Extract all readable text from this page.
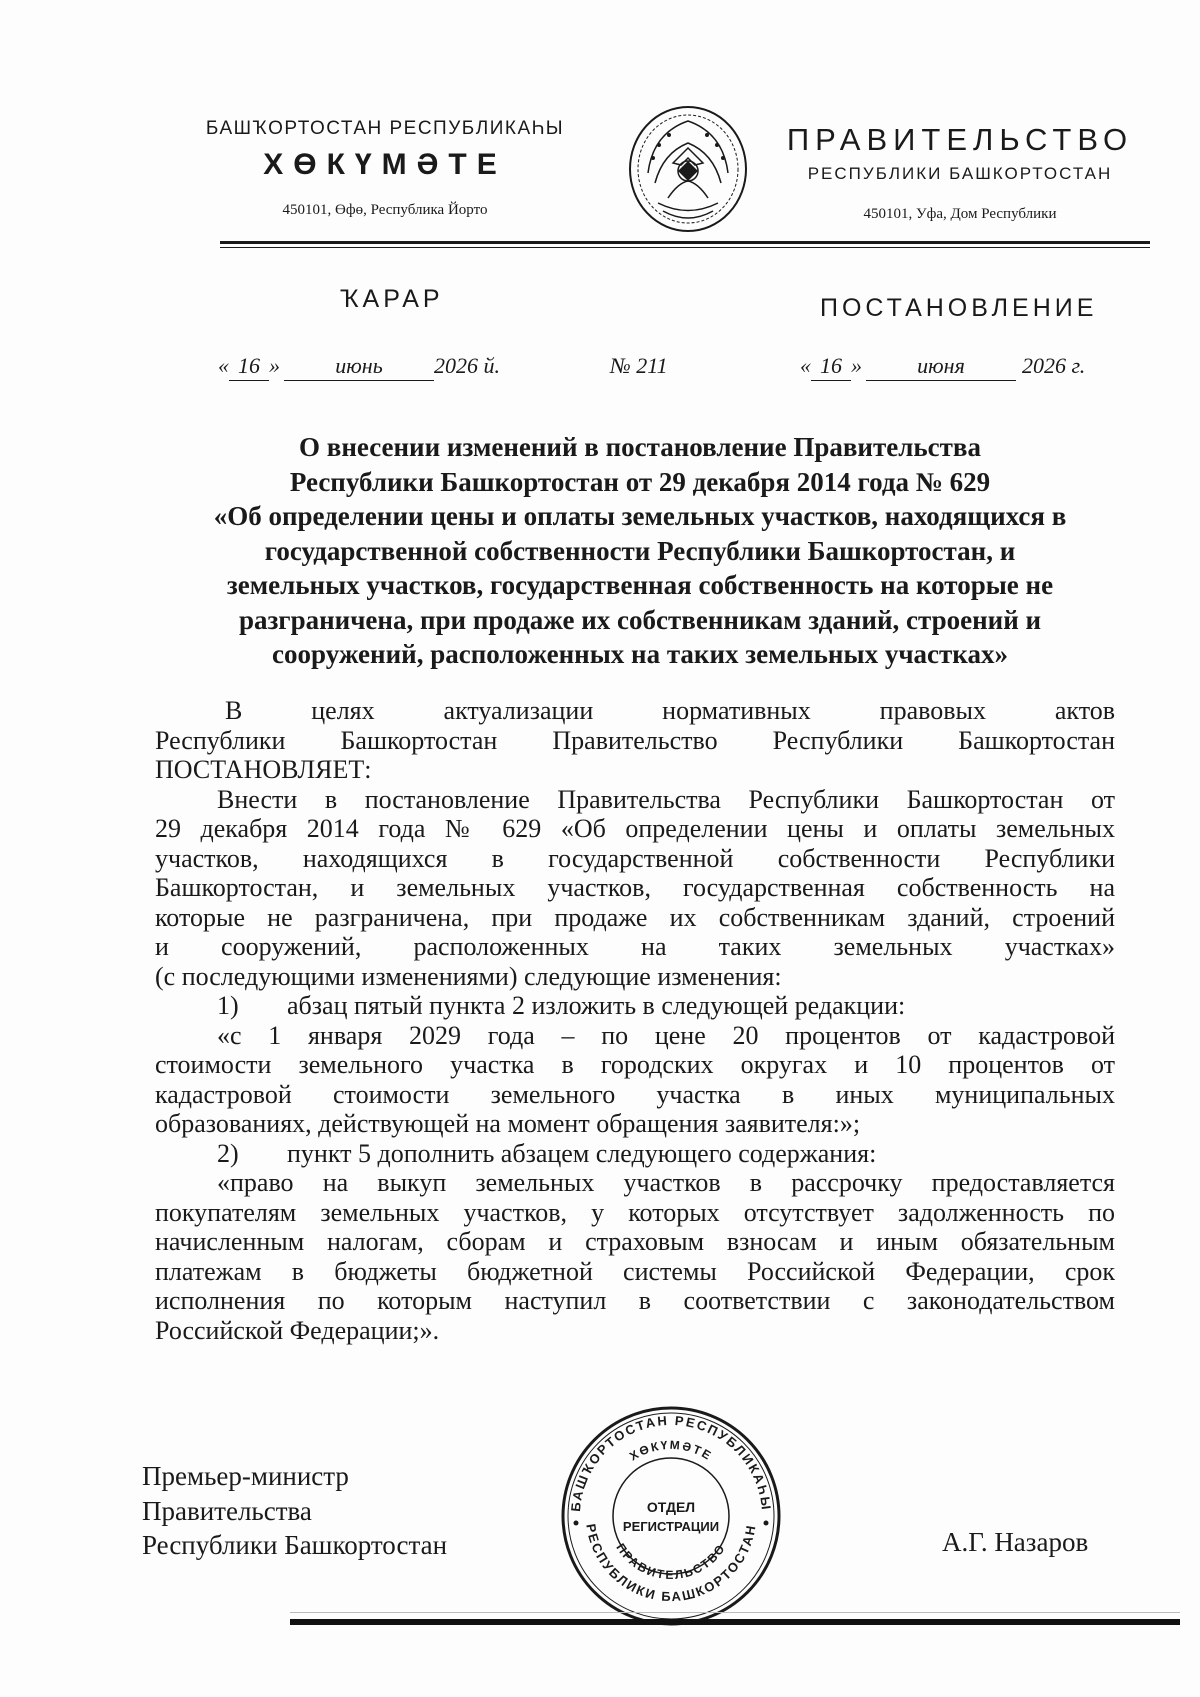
БАШҠОРТОСТАН РЕСПУБЛИКАҺЫ
ХӨКҮМӘТЕ
450101, Өфө, Республика Йорто
ПРАВИТЕЛЬСТВО
РЕСПУБЛИКИ БАШКОРТОСТАН
450101, Уфа, Дом Республики
ҠАРАР	ПОСТАНОВЛЕНИЕ
« 16 »	июнь 2026 й.	№ 211	« 16 »	июня	2026 г.
О внесении изменений в постановление Правительства
Республики Башкортостан от 29 декабря 2014 года № 629
«Об определении цены и оплаты земельных участков, находящихся в
государственной собственности Республики Башкортостан, и
земельных участков, государственная собственность на которые не
разграничена, при продаже их собственникам зданий, строений и
сооружений, расположенных на таких земельных участках»
В целях актуализации нормативных правовых актов
Республики Башкортостан Правительство Республики Башкортостан
ПОСТАНОВЛЯЕТ:
Внести в постановление Правительства Республики Башкортостан от
29 декабря 2014 года № 629 «Об определении цены и оплаты земельных
участков, находящихся в государственной собственности Республики
Башкортостан, и земельных участков, государственная собственность на
которые не разграничена, при продаже их собственникам зданий, строений
и сооружений, расположенных на таких земельных участках»
(с последующими изменениями) следующие изменения:
1) абзац пятый пункта 2 изложить в следующей редакции:
«с 1 января 2029 года – по цене 20 процентов от кадастровой
стоимости земельного участка в городских округах и 10 процентов от
кадастровой стоимости земельного участка в иных муниципальных
образованиях, действующей на момент обращения заявителя:»;
2) пункт 5 дополнить абзацем следующего содержания:
«право на выкуп земельных участков в рассрочку предоставляется
покупателям земельных участков, у которых отсутствует задолженность по
начисленным налогам, сборам и страховым взносам и иным обязательным
платежам в бюджеты бюджетной системы Российской Федерации, срок
исполнения по которым наступил в соответствии с законодательством
Российской Федерации;».
Премьер-министр
Правительства
Республики Башкортостан	А.Г. Назаров
БАШҠОРТОСТАН РЕСПУБЛИКАҺЫ
РЕСПУБЛИКИ БАШКОРТОСТАН
ХӨКҮМӘТЕ
ПРАВИТЕЛЬСТВО
ОТДЕЛ
РЕГИСТРАЦИИ
